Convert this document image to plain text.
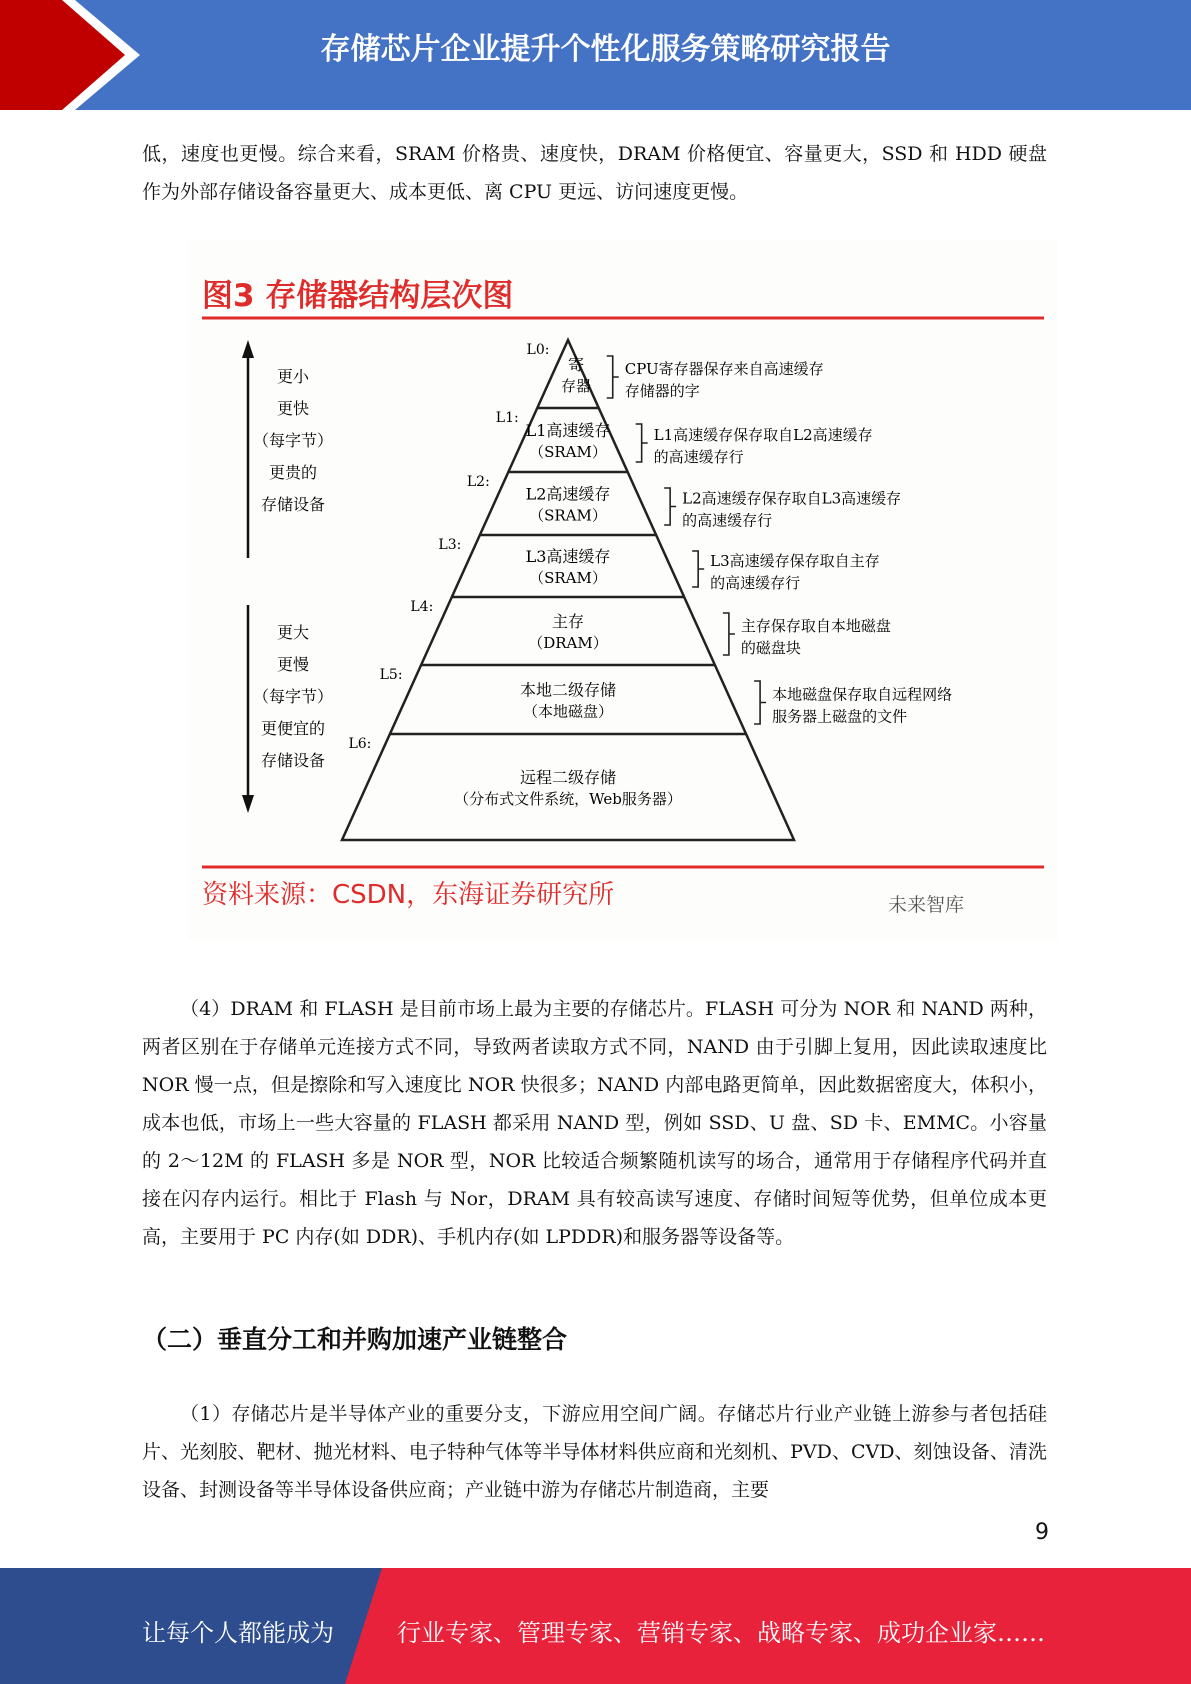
存储芯片企业提升个性化服务策略研究报告

低，速度也更慢。综合来看，SRAM 价格贵、速度快，DRAM 价格便宜、容量更大，SSD 和 HDD 硬盘作为外部存储设备容量更大、成本更低、离 CPU 更远、访问速度更慢。

图3 存储器结构层次图
L0:
寄
存器
L1:
L1高速缓存
（SRAM）
L2:
L2高速缓存
（SRAM）
L3:
L3高速缓存
（SRAM）
L4:
主存
（DRAM）
L5:
本地二级存储
（本地磁盘）
L6:
远程二级存储
（分布式文件系统，Web服务器）
CPU寄存器保存来自高速缓存
存储器的字
L1高速缓存保存取自L2高速缓存
的高速缓存行
L2高速缓存保存取自L3高速缓存
的高速缓存行
L3高速缓存保存取自主存
的高速缓存行
主存保存取自本地磁盘
的磁盘块
本地磁盘保存取自远程网络
服务器上磁盘的文件
更小
更快
（每字节）
更贵的
存储设备
更大
更慢
（每字节）
更便宜的
存储设备
资料来源：CSDN，东海证券研究所	未来智库

（4）DRAM 和 FLASH 是目前市场上最为主要的存储芯片。FLASH 可分为 NOR 和 NAND 两种，两者区别在于存储单元连接方式不同，导致两者读取方式不同，NAND 由于引脚上复用，因此读取速度比 NOR 慢一点，但是擦除和写入速度比 NOR 快很多；NAND 内部电路更简单，因此数据密度大，体积小，成本也低，市场上一些大容量的 FLASH 都采用 NAND 型，例如 SSD、U 盘、SD 卡、EMMC。小容量的 2～12M 的 FLASH 多是 NOR 型，NOR 比较适合频繁随机读写的场合，通常用于存储程序代码并直接在闪存内运行。相比于 Flash 与 Nor，DRAM 具有较高读写速度、存储时间短等优势，但单位成本更高，主要用于 PC 内存(如 DDR)、手机内存(如 LPDDR)和服务器等设备等。

（二）垂直分工和并购加速产业链整合

（1）存储芯片是半导体产业的重要分支，下游应用空间广阔。存储芯片行业产业链上游参与者包括硅片、光刻胶、靶材、抛光材料、电子特种气体等半导体材料供应商和光刻机、PVD、CVD、刻蚀设备、清洗设备、封测设备等半导体设备供应商；产业链中游为存储芯片制造商，主要

9
让每个人都能成为	行业专家、管理专家、营销专家、战略专家、成功企业家……
